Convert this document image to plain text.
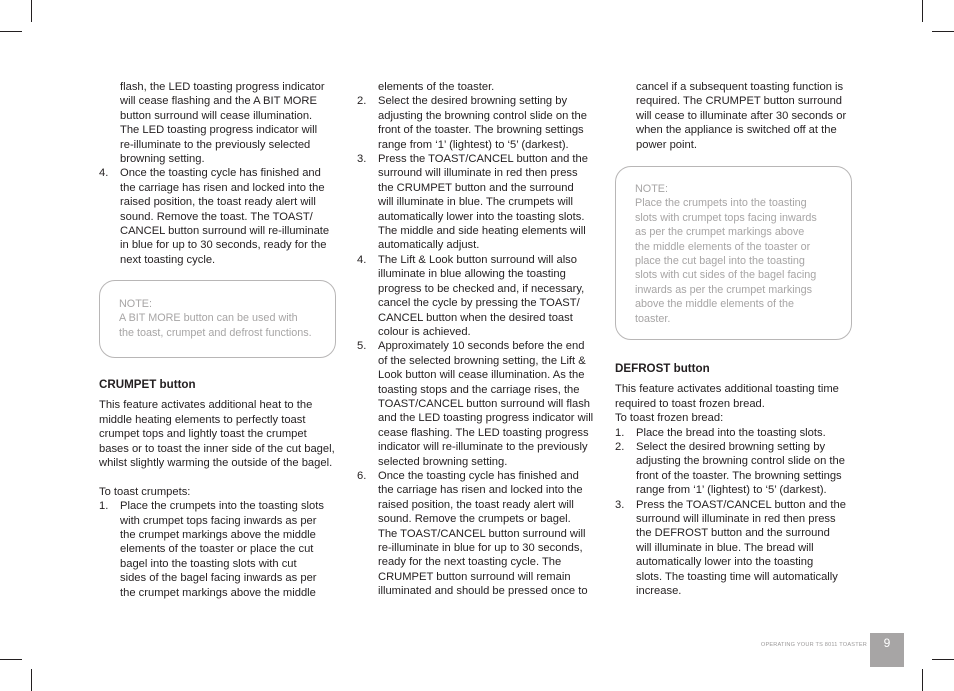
flash, the LED toasting progress indicator

will cease flashing and the A BIT MORE

button surround will cease illumination.

The LED toasting progress indicator will

re-illuminate to the previously selected

browning setting.

4. Once the toasting cycle has finished and

the carriage has risen and locked into the

raised position, the toast ready alert will

sound. Remove the toast. The TOAST/

CANCEL button surround will re-illuminate

in blue for up to 30 seconds, ready for the

next toasting cycle.

NOTE:

A BIT MORE button can be used with

the toast, crumpet and defrost functions.

CRUMPET button

This feature activates additional heat to the

middle heating elements to perfectly toast

crumpet tops and lightly toast the crumpet

bases or to toast the inner side of the cut bagel,

whilst slightly warming the outside of the bagel.

To toast crumpets:

1. Place the crumpets into the toasting slots

with crumpet tops facing inwards as per

the crumpet markings above the middle

elements of the toaster or place the cut

bagel into the toasting slots with cut

sides of the bagel facing inwards as per

the crumpet markings above the middle

elements of the toaster.

2. Select the desired browning setting by

adjusting the browning control slide on the

front of the toaster. The browning settings

range from ‘1’ (lightest) to ‘5’ (darkest).

3. Press the TOAST/CANCEL button and the

surround will illuminate in red then press

the CRUMPET button and the surround

will illuminate in blue. The crumpets will

automatically lower into the toasting slots.

The middle and side heating elements will

automatically adjust.

4. The Lift & Look button surround will also

illuminate in blue allowing the toasting

progress to be checked and, if necessary,

cancel the cycle by pressing the TOAST/

CANCEL button when the desired toast

colour is achieved.

5. Approximately 10 seconds before the end

of the selected browning setting, the Lift &

Look button will cease illumination. As the

toasting stops and the carriage rises, the

TOAST/CANCEL button surround will flash

and the LED toasting progress indicator will

cease flashing. The LED toasting progress

indicator will re-illuminate to the previously

selected browning setting.

6. Once the toasting cycle has finished and

the carriage has risen and locked into the

raised position, the toast ready alert will

sound. Remove the crumpets or bagel.

The TOAST/CANCEL button surround will

re-illuminate in blue for up to 30 seconds,

ready for the next toasting cycle. The

CRUMPET button surround will remain

illuminated and should be pressed once to

cancel if a subsequent toasting function is

required. The CRUMPET button surround

will cease to illuminate after 30 seconds or

when the appliance is switched off at the

power point.

NOTE:

Place the crumpets into the toasting

slots with crumpet tops facing inwards

as per the crumpet markings above

the middle elements of the toaster or

place the cut bagel into the toasting

slots with cut sides of the bagel facing

inwards as per the crumpet markings

above the middle elements of the

toaster.

DEFROST button

This feature activates additional toasting time

required to toast frozen bread.

To toast frozen bread:

1. Place the bread into the toasting slots.

2. Select the desired browning setting by

adjusting the browning control slide on the

front of the toaster. The browning settings

range from ‘1’ (lightest) to ‘5’ (darkest).

3. Press the TOAST/CANCEL button and the

surround will illuminate in red then press

the DEFROST button and the surround

will illuminate in blue. The bread will

automatically lower into the toasting

slots. The toasting time will automatically

increase.

OPERATING YOUR TS 8011 TOASTER	9
